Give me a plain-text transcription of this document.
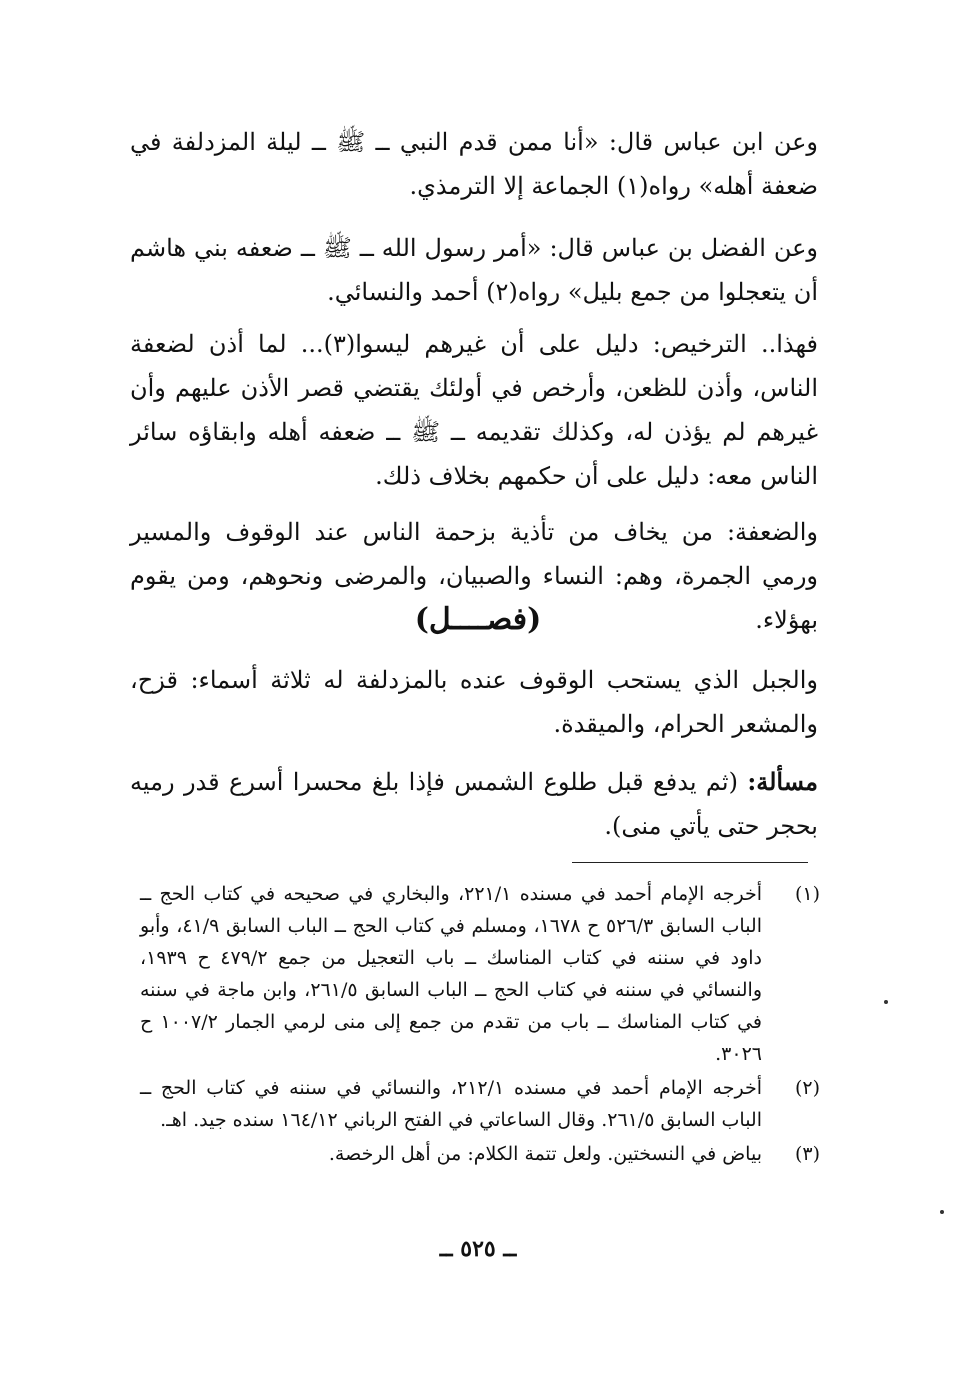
وعن ابن عباس قال: «أنا ممن قدم النبي ــ ﷺ ــ ليلة المزدلفة في ضعفة أهله» رواه(١) الجماعة إلا الترمذي.

وعن الفضل بن عباس قال: «أمر رسول الله ــ ﷺ ــ ضعفه بني هاشم أن يتعجلوا من جمع بليل» رواه(٢) أحمد والنسائي.

فهذا.. الترخيص: دليل على أن غيرهم ليسوا(٣)... لما أذن لضعفة الناس، وأذن للظعن، وأرخص في أولئك يقتضي قصر الأذن عليهم وأن غيرهم لم يؤذن له، وكذلك تقديمه ــ ﷺ ــ ضعفه أهله وابقاؤه سائر الناس معه: دليل على أن حكمهم بخلاف ذلك.

والضعفة: من يخاف من تأذية بزحمة الناس عند الوقوف والمسير ورمي الجمرة، وهم: النساء والصبيان، والمرضى ونحوهم، ومن يقوم بهؤلاء.

(فصــــل)

والجبل الذي يستحب الوقوف عنده بالمزدلفة له ثلاثة أسماء: قزح، والمشعر الحرام، والميقدة.

مسألة: (ثم يدفع قبل طلوع الشمس فإذا بلغ محسرا أسرع قدر رميه بحجر حتى يأتي منى).

(١)
أخرجه الإمام أحمد في مسنده ٢٢١/١، والبخاري في صحيحه في كتاب الحج ــ الباب السابق ٥٢٦/٣ ح ١٦٧٨، ومسلم في كتاب الحج ــ الباب السابق ٤١/٩، وأبو داود في سننه في كتاب المناسك ــ باب التعجيل من جمع ٤٧٩/٢ ح ١٩٣٩، والنسائي في سننه في كتاب الحج ــ الباب السابق ٢٦١/٥، وابن ماجة في سننه في كتاب المناسك ــ باب من تقدم من جمع إلى منى لرمي الجمار ١٠٠٧/٢ ح ٣٠٢٦.
(٢)
أخرجه الإمام أحمد في مسنده ٢١٢/١، والنسائي في سننه في كتاب الحج ــ الباب السابق ٢٦١/٥. وقال الساعاتي في الفتح الرباني ١٦٤/١٢ سنده جيد. اهـ.
(٣)
بياض في النسختين. ولعل تتمة الكلام: من أهل الرخصة.
ــ ٥٢٥ ــ
